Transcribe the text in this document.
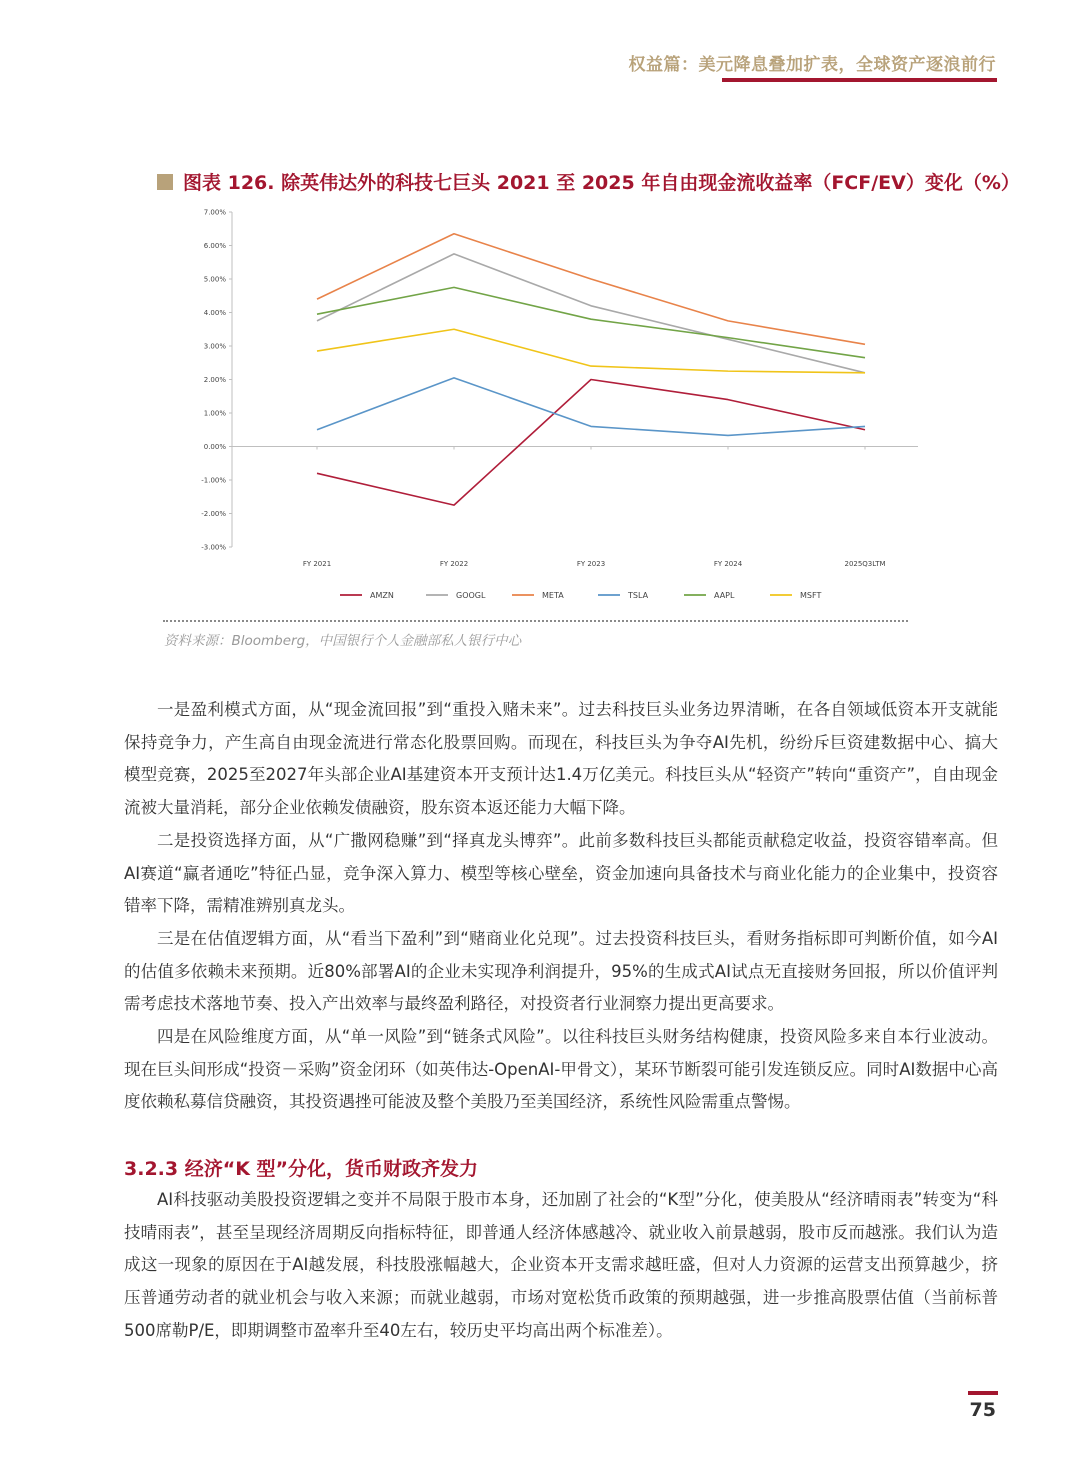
权益篇：美元降息叠加扩表，全球资产逐浪前行
图表 126. 除英伟达外的科技七巨头 2021 至 2025 年自由现金流收益率（FCF/EV）变化（%）
7.00%
6.00%
5.00%
4.00%
3.00%
2.00%
1.00%
0.00%
-1.00%
-2.00%
-3.00%
FY 2021	FY 2022	FY 2023	FY 2024	2025Q3LTM
AMZN	GOOGL	META	TSLA	AAPL	MSFT
资料来源：Bloomberg，中国银行个人金融部私人银行中心

一是盈利模式方面，从“现金流回报”到“重投入赌未来”。过去科技巨头业务边界清晰，在各自领域低资本开支就能保持竞争力，产生高自由现金流进行常态化股票回购。而现在，科技巨头为争夺AI先机，纷纷斥巨资建数据中心、搞大模型竞赛，2025至2027年头部企业AI基建资本开支预计达1.4万亿美元。科技巨头从“轻资产”转向“重资产”，自由现金流被大量消耗，部分企业依赖发债融资，股东资本返还能力大幅下降。

二是投资选择方面，从“广撒网稳赚”到“择真龙头博弈”。此前多数科技巨头都能贡献稳定收益，投资容错率高。但AI赛道“赢者通吃”特征凸显，竞争深入算力、模型等核心壁垒，资金加速向具备技术与商业化能力的企业集中，投资容错率下降，需精准辨别真龙头。

三是在估值逻辑方面，从“看当下盈利”到“赌商业化兑现”。过去投资科技巨头，看财务指标即可判断价值，如今AI的估值多依赖未来预期。近80%部署AI的企业未实现净利润提升，95%的生成式AI试点无直接财务回报，所以价值评判需考虑技术落地节奏、投入产出效率与最终盈利路径，对投资者行业洞察力提出更高要求。

四是在风险维度方面，从“单一风险”到“链条式风险”。以往科技巨头财务结构健康，投资风险多来自本行业波动。现在巨头间形成“投资－采购”资金闭环（如英伟达-OpenAI-甲骨文），某环节断裂可能引发连锁反应。同时AI数据中心高度依赖私募信贷融资，其投资遇挫可能波及整个美股乃至美国经济，系统性风险需重点警惕。

3.2.3 经济“K 型”分化，货币财政齐发力

AI科技驱动美股投资逻辑之变并不局限于股市本身，还加剧了社会的“K型”分化，使美股从“经济晴雨表”转变为“科技晴雨表”，甚至呈现经济周期反向指标特征，即普通人经济体感越冷、就业收入前景越弱，股市反而越涨。我们认为造成这一现象的原因在于AI越发展，科技股涨幅越大，企业资本开支需求越旺盛，但对人力资源的运营支出预算越少，挤压普通劳动者的就业机会与收入来源；而就业越弱，市场对宽松货币政策的预期越强，进一步推高股票估值（当前标普500席勒P/E，即期调整市盈率升至40左右，较历史平均高出两个标准差）。

75
